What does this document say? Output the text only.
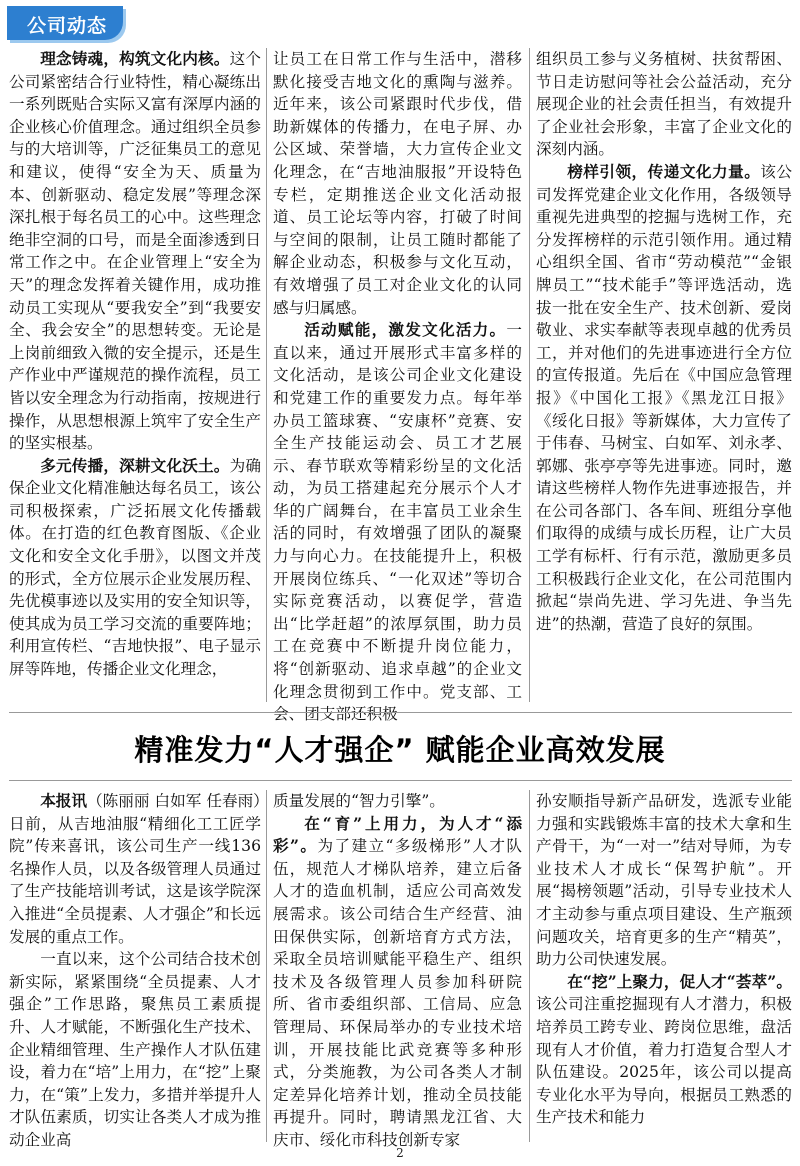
公司动态

理念铸魂，构筑文化内核。这个公司紧密结合行业特性，精心凝练出一系列既贴合实际又富有深厚内涵的企业核心价值理念。通过组织全员参与的大培训等，广泛征集员工的意见和建议，使得“安全为天、质量为本、创新驱动、稳定发展”等理念深深扎根于每名员工的心中。这些理念绝非空洞的口号，而是全面渗透到日常工作之中。在企业管理上“安全为天”的理念发挥着关键作用，成功推动员工实现从“要我安全”到“我要安全、我会安全”的思想转变。无论是上岗前细致入微的安全提示，还是生产作业中严谨规范的操作流程，员工皆以安全理念为行动指南，按规进行操作，从思想根源上筑牢了安全生产的坚实根基。

多元传播，深耕文化沃土。为确保企业文化精准触达每名员工，该公司积极探索，广泛拓展文化传播载体。在打造的红色教育图版、《企业文化和安全文化手册》，以图文并茂的形式，全方位展示企业发展历程、先优模事迹以及实用的安全知识等，使其成为员工学习交流的重要阵地；利用宣传栏、“吉地快报”、电子显示屏等阵地，传播企业文化理念，

让员工在日常工作与生活中，潜移默化接受吉地文化的熏陶与滋养。近年来，该公司紧跟时代步伐，借助新媒体的传播力，在电子屏、办公区域、荣誉墙，大力宣传企业文化理念，在“吉地油服报”开设特色专栏，定期推送企业文化活动报道、员工论坛等内容，打破了时间与空间的限制，让员工随时都能了解企业动态，积极参与文化互动，有效增强了员工对企业文化的认同感与归属感。

活动赋能，激发文化活力。一直以来，通过开展形式丰富多样的文化活动，是该公司企业文化建设和党建工作的重要发力点。每年举办员工篮球赛、“安康杯”竞赛、安全生产技能运动会、员工才艺展示、春节联欢等精彩纷呈的文化活动，为员工搭建起充分展示个人才华的广阔舞台，在丰富员工业余生活的同时，有效增强了团队的凝聚力与向心力。在技能提升上，积极开展岗位练兵、“一化双述”等切合实际竞赛活动，以赛促学，营造出“比学赶超”的浓厚氛围，助力员工在竞赛中不断提升岗位能力，将“创新驱动、追求卓越”的企业文化理念贯彻到工作中。党支部、工会、团支部还积极

组织员工参与义务植树、扶贫帮困、节日走访慰问等社会公益活动，充分展现企业的社会责任担当，有效提升了企业社会形象，丰富了企业文化的深刻内涵。

榜样引领，传递文化力量。该公司发挥党建企业文化作用，各级领导重视先进典型的挖掘与选树工作，充分发挥榜样的示范引领作用。通过精心组织全国、省市“劳动模范”“金银牌员工”“技术能手”等评选活动，选拔一批在安全生产、技术创新、爱岗敬业、求实奉献等表现卓越的优秀员工，并对他们的先进事迹进行全方位的宣传报道。先后在《中国应急管理报》《中国化工报》《黑龙江日报》《绥化日报》等新媒体，大力宣传了于伟春、马树宝、白如军、刘永孝、郭娜、张亭亭等先进事迹。同时，邀请这些榜样人物作先进事迹报告，并在公司各部门、各车间、班组分享他们取得的成绩与成长历程，让广大员工学有标杆、行有示范，激励更多员工积极践行企业文化，在公司范围内掀起“崇尚先进、学习先进、争当先进”的热潮，营造了良好的氛围。

精准发力“人才强企” 赋能企业高效发展

本报讯（陈丽丽 白如军 任春雨）日前，从吉地油服“精细化工工匠学院”传来喜讯，该公司生产一线136名操作人员，以及各级管理人员通过了生产技能培训考试，这是该学院深入推进“全员提素、人才强企”和长远发展的重点工作。

一直以来，这个公司结合技术创新实际，紧紧围绕“全员提素、人才强企”工作思路，聚焦员工素质提升、人才赋能，不断强化生产技术、企业精细管理、生产操作人才队伍建设，着力在“培”上用力，在“挖”上聚力，在“策”上发力，多措并举提升人才队伍素质，切实让各类人才成为推动企业高

质量发展的“智力引擎”。

在“育”上用力，为人才“添彩”。为了建立“多级梯形”人才队伍，规范人才梯队培养，建立后备人才的造血机制，适应公司高效发展需求。该公司结合生产经营、油田保供实际，创新培育方式方法，采取全员培训赋能平稳生产、组织技术及各级管理人员参加科研院所、省市委组织部、工信局、应急管理局、环保局举办的专业技术培训，开展技能比武竞赛等多种形式，分类施教，为公司各类人才制定差异化培养计划，推动全员技能再提升。同时，聘请黑龙江省、大庆市、绥化市科技创新专家

孙安顺指导新产品研发，选派专业能力强和实践锻炼丰富的技术大拿和生产骨干，为“一对一”结对导师，为专业技术人才成长“保驾护航”。开展“揭榜领题”活动，引导专业技术人才主动参与重点项目建设、生产瓶颈问题攻关，培育更多的生产“精英”，助力公司快速发展。

在“挖”上聚力，促人才“荟萃”。该公司注重挖掘现有人才潜力，积极培养员工跨专业、跨岗位思维，盘活现有人才价值，着力打造复合型人才队伍建设。2025年，该公司以提高专业化水平为导向，根据员工熟悉的生产技术和能力

2
